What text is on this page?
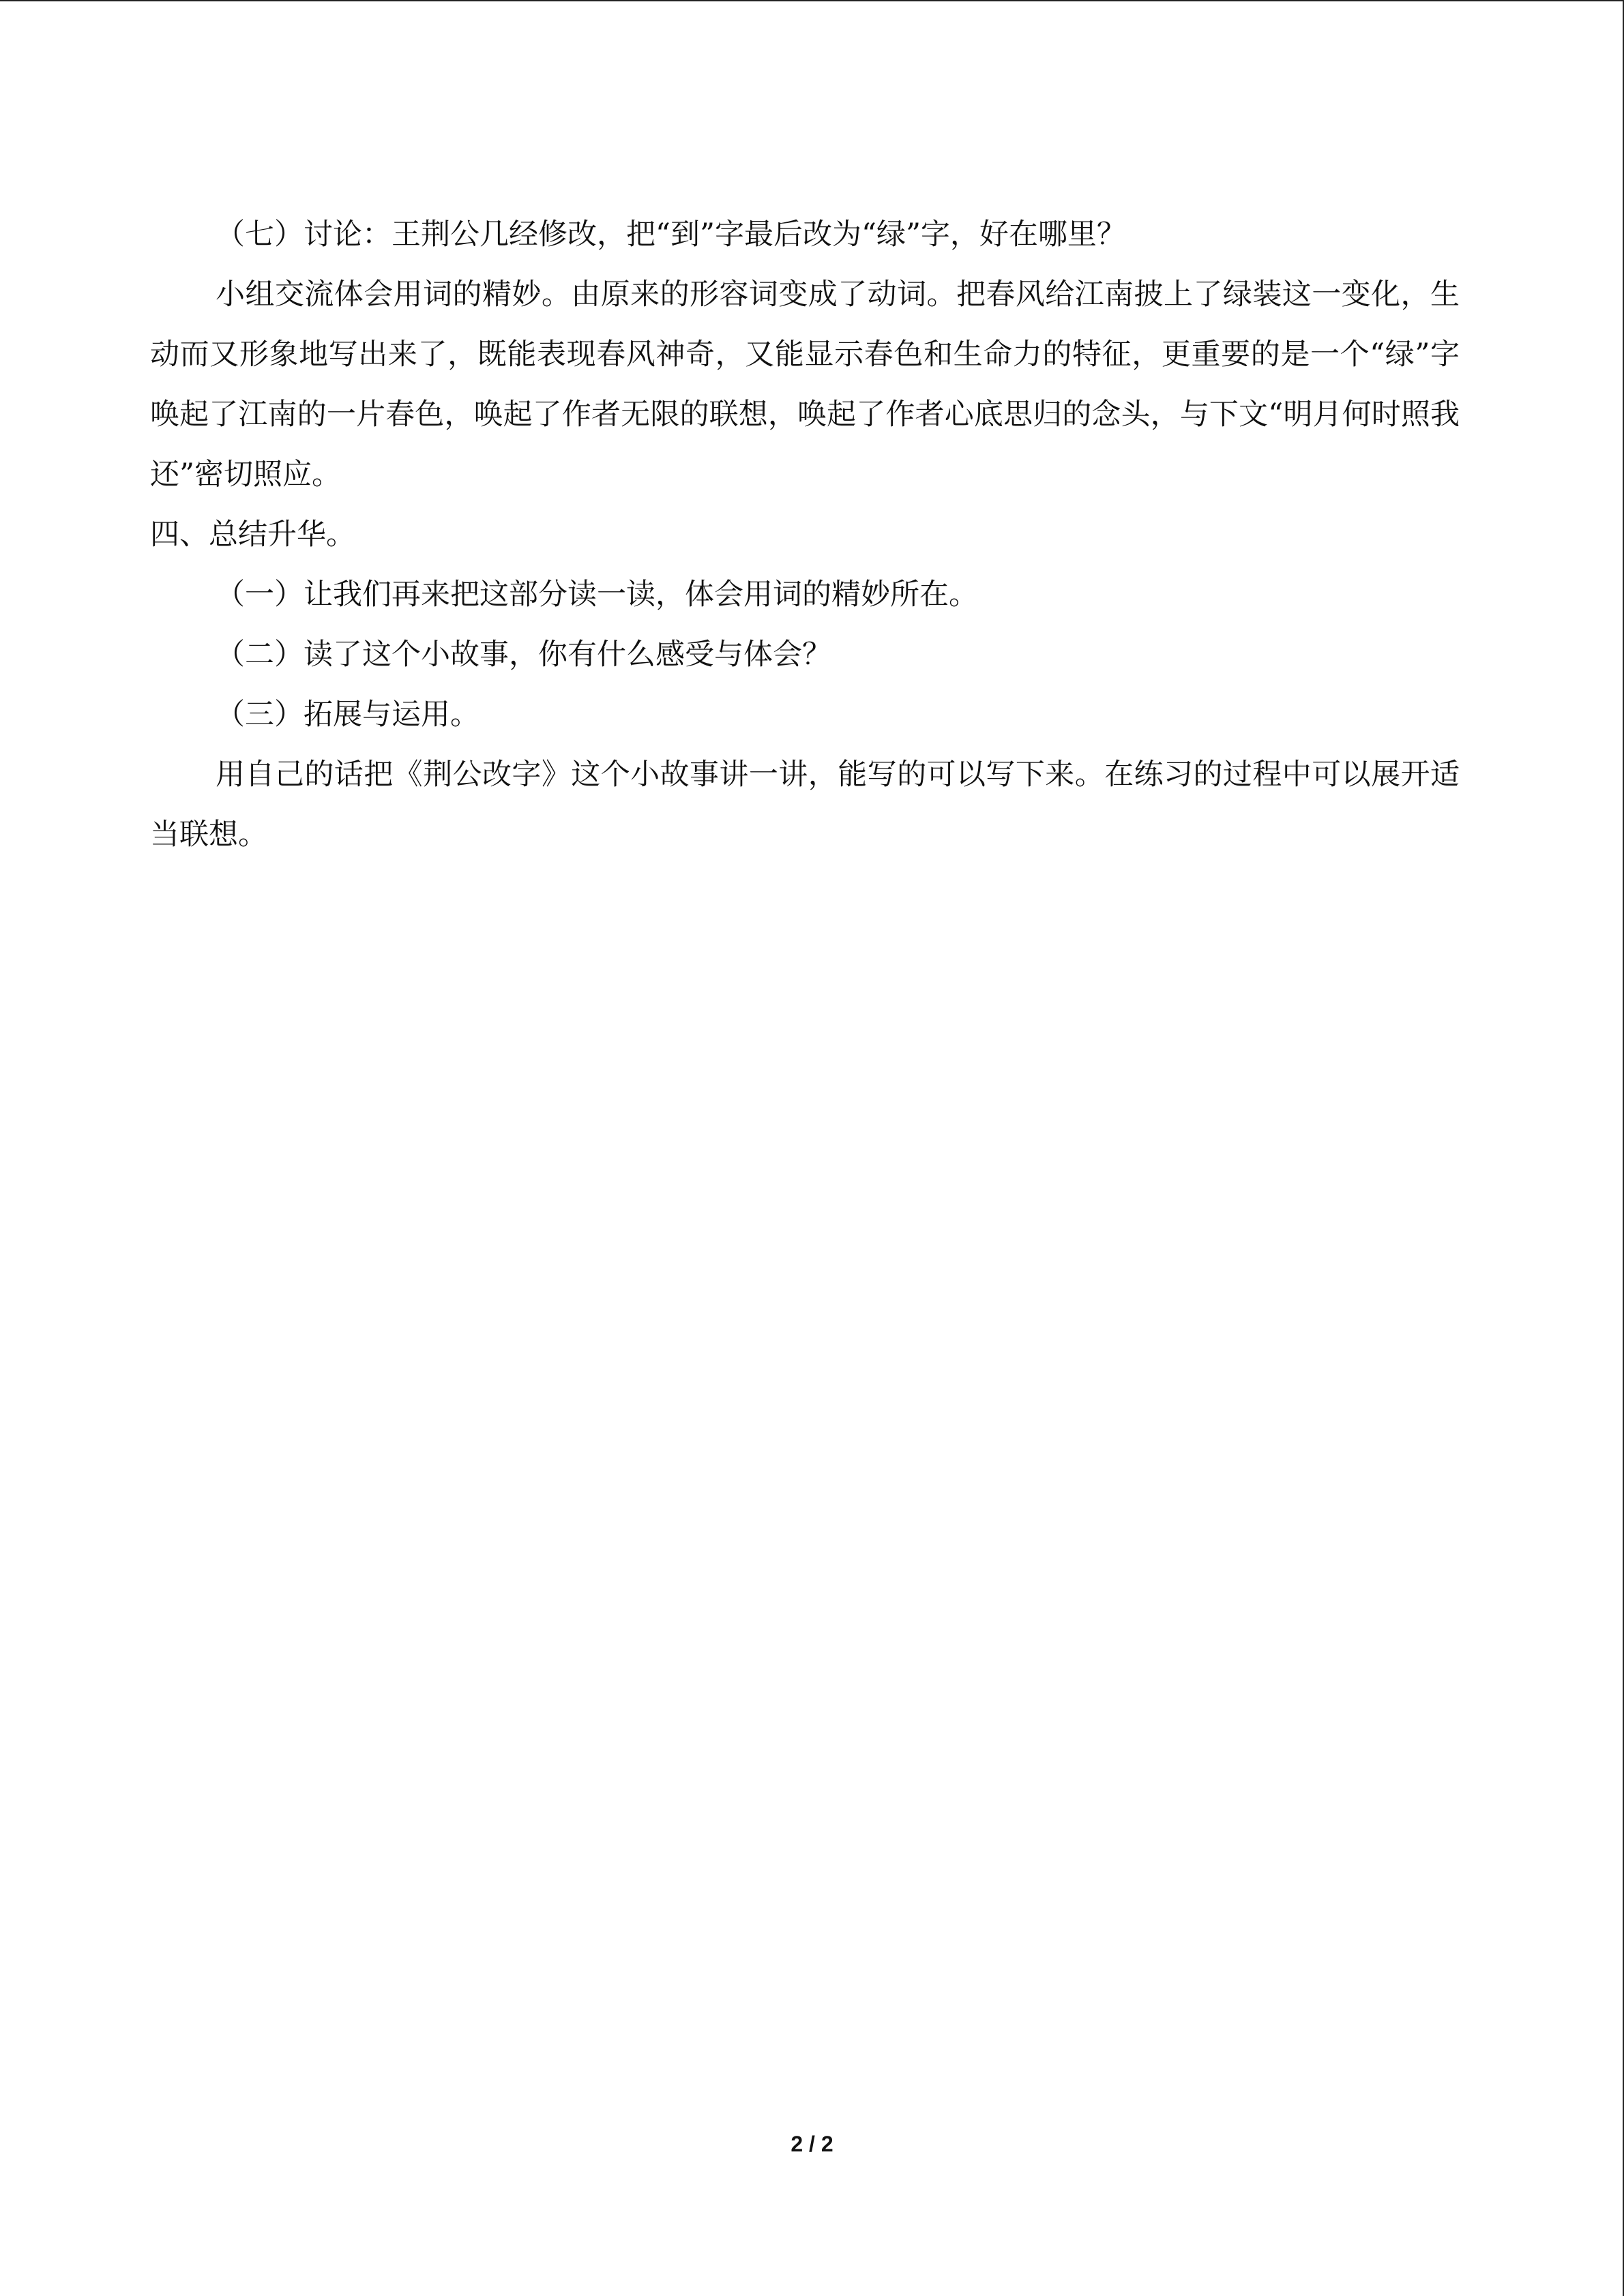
（七）讨论：王荆公几经修改，把“到”字最后改为“绿”字，好在哪里？

小组交流体会用词的精妙。由原来的形容词变成了动词。把春风给江南披上了绿装这一变化，生动而又形象地写出来了，既能表现春风神奇，又能显示春色和生命力的特征，更重要的是一个“绿”字唤起了江南的一片春色，唤起了作者无限的联想，唤起了作者心底思归的念头，与下文“明月何时照我还”密切照应。

四、总结升华。

（一）让我们再来把这部分读一读，体会用词的精妙所在。

（二）读了这个小故事，你有什么感受与体会？

（三）拓展与运用。

用自己的话把《荆公改字》这个小故事讲一讲，能写的可以写下来。在练习的过程中可以展开适当联想。

2 / 2
